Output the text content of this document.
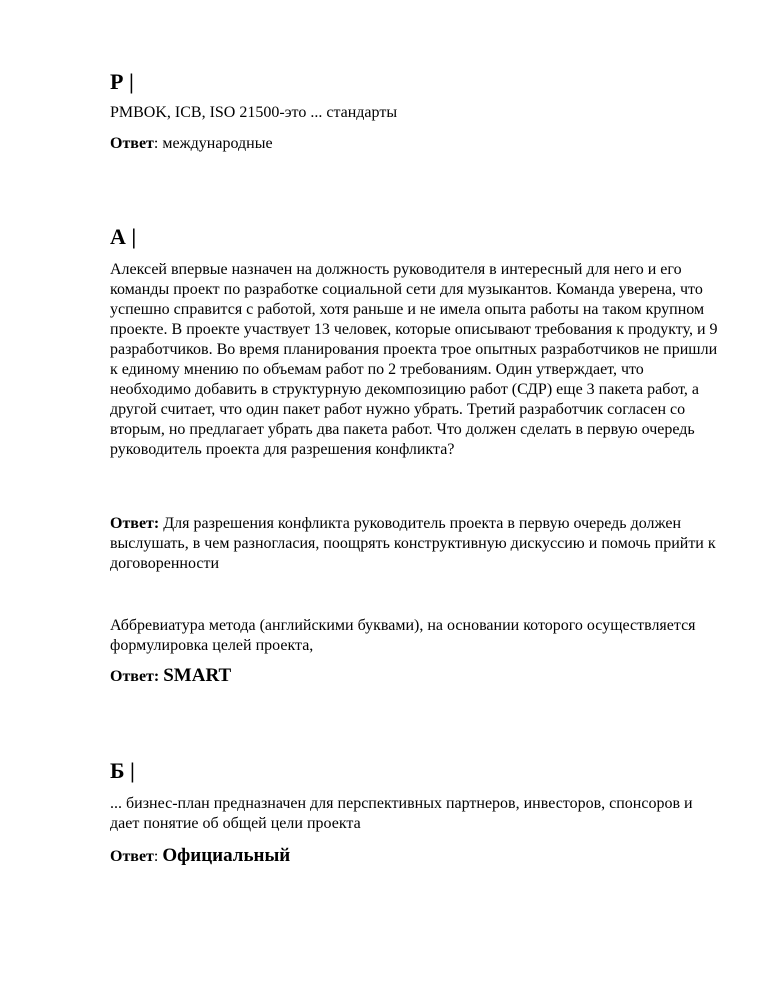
Р |

PMBOK, ICB, ISO 21500-это ... стандарты

Ответ: международные

А |

Алексей впервые назначен на должность руководителя в интересный для него и его команды проект по разработке социальной сети для музыкантов. Команда уверена, что успешно справится с работой, хотя раньше и не имела опыта работы на таком крупном проекте. В проекте участвует 13 человек, которые описывают требования к продукту, и 9 разработчиков. Во время планирования проекта трое опытных разработчиков не пришли к единому мнению по объемам работ по 2 требованиям. Один утверждает, что необходимо добавить в структурную декомпозицию работ (СДР) еще 3 пакета работ, а другой считает, что один пакет работ нужно убрать. Третий разработчик согласен со вторым, но предлагает убрать два пакета работ. Что должен сделать в первую очередь руководитель проекта для разрешения конфликта?

Ответ: Для разрешения конфликта руководитель проекта в первую очередь должен выслушать, в чем разногласия, поощрять конструктивную дискуссию и помочь прийти к договоренности

Аббревиатура метода (английскими буквами), на основании которого осуществляется формулировка целей проекта,

Ответ: SMART

Б |

... бизнес-план предназначен для перспективных партнеров, инвесторов, спонсоров и дает понятие об общей цели проекта

Ответ: Официальный
